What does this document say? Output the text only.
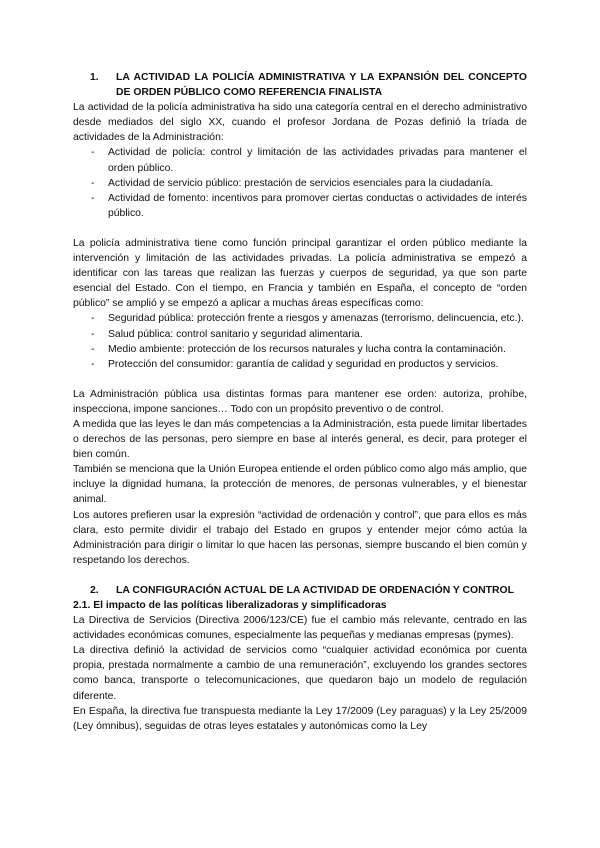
1.	LA ACTIVIDAD LA POLICÍA ADMINISTRATIVA Y LA EXPANSIÓN DEL CONCEPTO DE ORDEN PÚBLICO COMO REFERENCIA FINALISTA

La actividad de la policía administrativa ha sido una categoría central en el derecho administrativo desde mediados del siglo XX, cuando el profesor Jordana de Pozas definió la tríada de actividades de la Administración:

- Actividad de policía: control y limitación de las actividades privadas para mantener el orden público.
- Actividad de servicio público: prestación de servicios esenciales para la ciudadanía.
- Actividad de fomento: incentivos para promover ciertas conductas o actividades de interés público.

La policía administrativa tiene como función principal garantizar el orden público mediante la intervención y limitación de las actividades privadas. La policía administrativa se empezó a identificar con las tareas que realizan las fuerzas y cuerpos de seguridad, ya que son parte esencial del Estado. Con el tiempo, en Francia y también en España, el concepto de “orden público” se amplió y se empezó a aplicar a muchas áreas específicas como:

- Seguridad pública: protección frente a riesgos y amenazas (terrorismo, delincuencia, etc.).
- Salud pública: control sanitario y seguridad alimentaria.
- Medio ambiente: protección de los recursos naturales y lucha contra la contaminación.
- Protección del consumidor: garantía de calidad y seguridad en productos y servicios.

La Administración pública usa distintas formas para mantener ese orden: autoriza, prohíbe, inspecciona, impone sanciones… Todo con un propósito preventivo o de control.

A medida que las leyes le dan más competencias a la Administración, esta puede limitar libertades o derechos de las personas, pero siempre en base al interés general, es decir, para proteger el bien común.

También se menciona que la Unión Europea entiende el orden público como algo más amplio, que incluye la dignidad humana, la protección de menores, de personas vulnerables, y el bienestar animal.

Los autores prefieren usar la expresión “actividad de ordenación y control”, que para ellos es más clara, esto permite dividir el trabajo del Estado en grupos y entender mejor cómo actúa la Administración para dirigir o limitar lo que hacen las personas, siempre buscando el bien común y respetando los derechos.

2.	LA CONFIGURACIÓN ACTUAL DE LA ACTIVIDAD DE ORDENACIÓN Y CONTROL

2.1. El impacto de las políticas liberalizadoras y simplificadoras

La Directiva de Servicios (Directiva 2006/123/CE) fue el cambio más relevante, centrado en las actividades económicas comunes, especialmente las pequeñas y medianas empresas (pymes).

La directiva definió la actividad de servicios como “cualquier actividad económica por cuenta propia, prestada normalmente a cambio de una remuneración”, excluyendo los grandes sectores como banca, transporte o telecomunicaciones, que quedaron bajo un modelo de regulación diferente.

En España, la directiva fue transpuesta mediante la Ley 17/2009 (Ley paraguas) y la Ley 25/2009 (Ley ómnibus), seguidas de otras leyes estatales y autonómicas como la Ley
